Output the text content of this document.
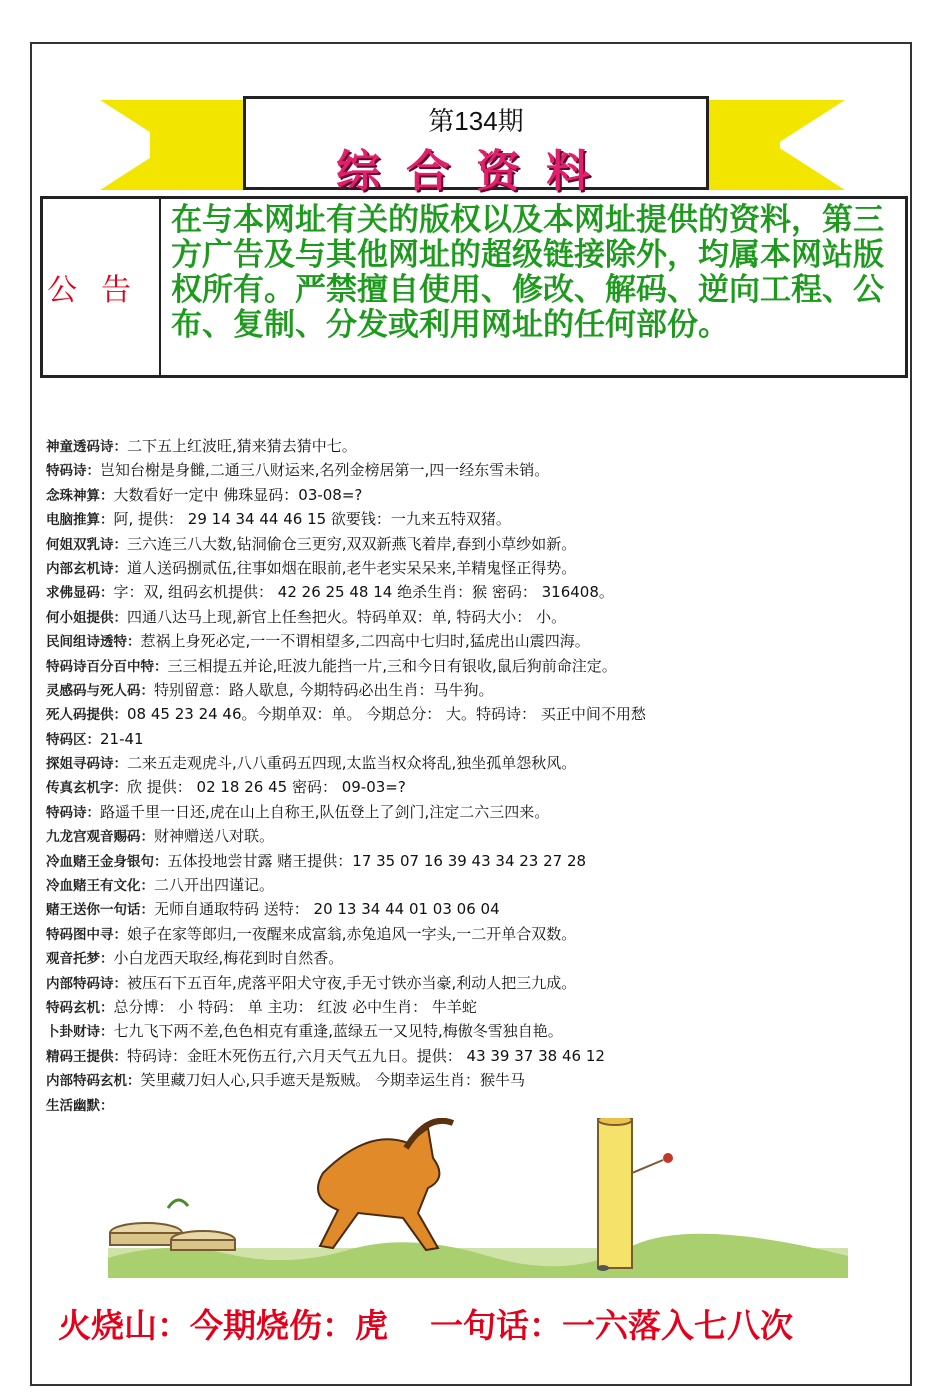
第134期
综合资料
公告
在与本网址有关的版权以及本网址提供的资料，第三方广告及与其他网址的超级链接除外，均属本网站版权所有。严禁擅自使用、修改、解码、逆向工程、公布、复制、分发或利用网址的任何部份。
神童透码诗：二下五上红波旺,猜来猜去猜中七。
特码诗：岂知台榭是身雠,二通三八财运来,名列金榜居第一,四一经东雪未销。
念珠神算：大数看好一定中 佛珠显码：03-08=?
电脑推算：阿, 提供： 29 14 34 44 46 15 欲要钱：一九来五特双猪。
何姐双乳诗：三六连三八大数,钻洞偷仓三更穷,双双新燕飞着岸,春到小草纱如新。
内部玄机诗：道人送码捌贰伍,往事如烟在眼前,老牛老实呆呆来,羊精鬼怪正得势。
求佛显码：字：双, 组码玄机提供： 42 26 25 48 14 绝杀生肖：猴 密码： 316408。
何小姐提供：四通八达马上现,新官上任叁把火。特码单双：单, 特码大小： 小。
民间组诗透特：惹祸上身死必定,一一不谓相望多,二四高中七归时,猛虎出山震四海。
特码诗百分百中特：三三相提五并论,旺波九能挡一片,三和今日有银收,鼠后狗前命注定。
灵感码与死人码：特别留意：路人歇息, 今期特码必出生肖：马牛狗。
死人码提供：08 45 23 24 46。今期单双：单。 今期总分： 大。特码诗： 买正中间不用愁
特码区：21-41
探姐寻码诗：二来五走观虎斗,八八重码五四现,太监当权众将乱,独坐孤单怨秋风。
传真玄机字：欣 提供： 02 18 26 45 密码： 09-03=?
特码诗：路遥千里一日还,虎在山上自称王,队伍登上了剑门,注定二六三四来。
九龙宫观音赐码：财神赠送八对联。
冷血赌王金身银句：五体投地尝甘露 赌王提供：17 35 07 16 39 43 34 23 27 28
冷血赌王有文化：二八开出四谨记。
赌王送你一句话：无师自通取特码 送特： 20 13 34 44 01 03 06 04
特码图中寻：娘子在家等郎归,一夜醒来成富翁,赤兔追风一字头,一二开单合双数。
观音托梦：小白龙西天取经,梅花到时自然香。
内部特码诗：被压石下五百年,虎落平阳犬守夜,手无寸铁亦当豪,利动人把三九成。
特码玄机：总分博： 小 特码： 单 主功： 红波 必中生肖： 牛羊蛇
卜卦财诗：七九飞下两不差,色色相克有重逢,蓝绿五一又见特,梅傲冬雪独自艳。
精码王提供：特码诗：金旺木死伤五行,六月天气五九日。提供： 43 39 37 38 46 12
内部特码玄机：笑里藏刀妇人心,只手遮天是叛贼。 今期幸运生肖：猴牛马
生活幽默：
火烧山：今期烧伤：虎 一句话：一六落入七八次
